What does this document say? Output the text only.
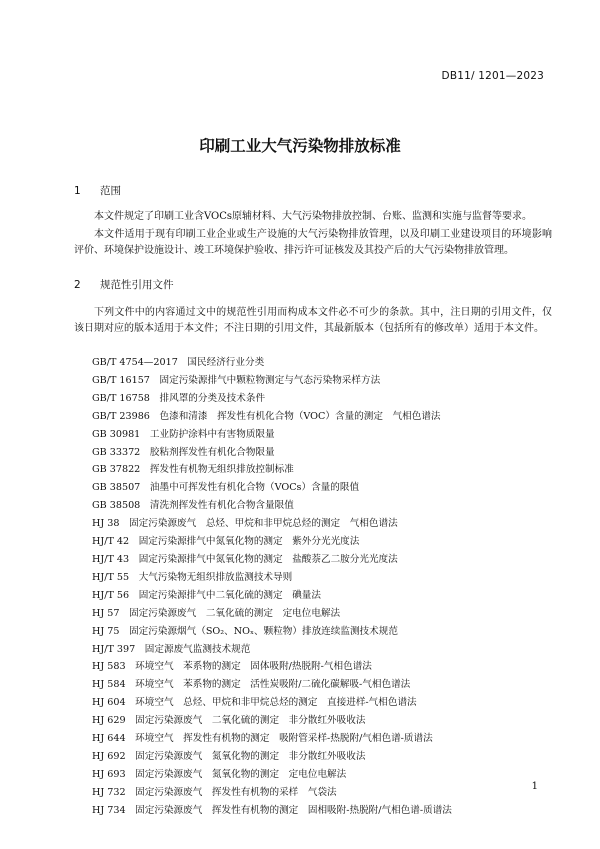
DB11/ 1201—2023
印刷工业大气污染物排放标准
1 范围
本文件规定了印刷工业含VOCs原辅材料、大气污染物排放控制、台账、监测和实施与监督等要求。
本文件适用于现有印刷工业企业或生产设施的大气污染物排放管理，以及印刷工业建设项目的环境影响评价、环境保护设施设计、竣工环境保护验收、排污许可证核发及其投产后的大气污染物排放管理。
2 规范性引用文件
下列文件中的内容通过文中的规范性引用而构成本文件必不可少的条款。其中，注日期的引用文件，仅该日期对应的版本适用于本文件；不注日期的引用文件，其最新版本（包括所有的修改单）适用于本文件。
GB/T 4754—2017　国民经济行业分类
GB/T 16157　固定污染源排气中颗粒物测定与气态污染物采样方法
GB/T 16758　排风罩的分类及技术条件
GB/T 23986　色漆和清漆　挥发性有机化合物（VOC）含量的测定　气相色谱法
GB 30981　工业防护涂料中有害物质限量
GB 33372　胶粘剂挥发性有机化合物限量
GB 37822　挥发性有机物无组织排放控制标准
GB 38507　油墨中可挥发性有机化合物（VOCs）含量的限值
GB 38508　清洗剂挥发性有机化合物含量限值
HJ 38　固定污染源废气　总烃、甲烷和非甲烷总烃的测定　气相色谱法
HJ/T 42　固定污染源排气中氮氧化物的测定　紫外分光光度法
HJ/T 43　固定污染源排气中氮氧化物的测定　盐酸萘乙二胺分光光度法
HJ/T 55　大气污染物无组织排放监测技术导则
HJ/T 56　固定污染源排气中二氧化硫的测定　碘量法
HJ 57　固定污染源废气　二氧化硫的测定　定电位电解法
HJ 75　固定污染源烟气（SO₂、NOₓ、颗粒物）排放连续监测技术规范
HJ/T 397　固定源废气监测技术规范
HJ 583　环境空气　苯系物的测定　固体吸附/热脱附-气相色谱法
HJ 584　环境空气　苯系物的测定　活性炭吸附/二硫化碳解吸-气相色谱法
HJ 604　环境空气　总烃、甲烷和非甲烷总烃的测定　直接进样-气相色谱法
HJ 629　固定污染源废气　二氧化硫的测定　非分散红外吸收法
HJ 644　环境空气　挥发性有机物的测定　吸附管采样-热脱附/气相色谱-质谱法
HJ 692　固定污染源废气　氮氧化物的测定　非分散红外吸收法
HJ 693　固定污染源废气　氮氧化物的测定　定电位电解法
HJ 732　固定污染源废气　挥发性有机物的采样　气袋法
HJ 734　固定污染源废气　挥发性有机物的测定　固相吸附-热脱附/气相色谱-质谱法
1
